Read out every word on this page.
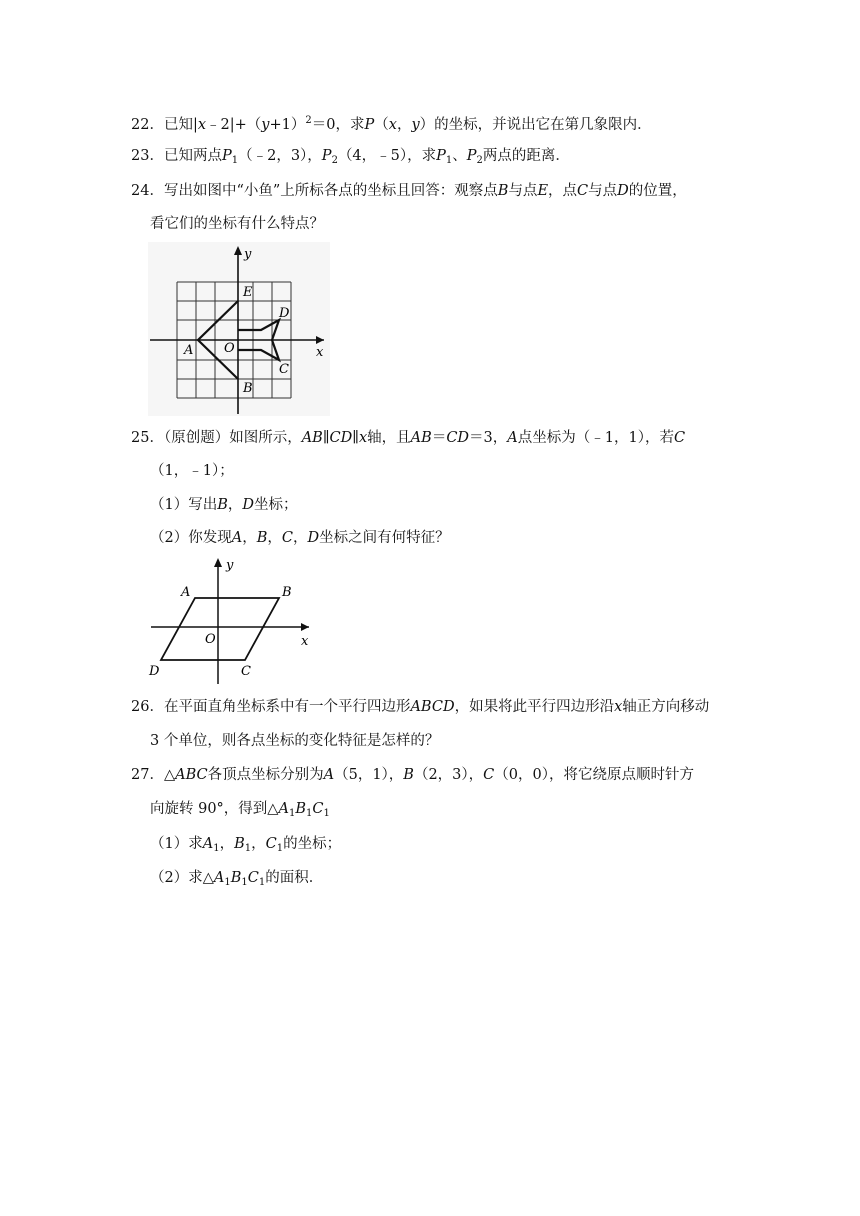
22．已知$|x﹣2|+(y+1)^2=0$，求P（x，y）的坐标，并说出它在第几象限内．
23．已知两点$P_1(﹣2$，3），$P_2(4$，﹣5），求$P_1$、$P_2$两点的距离．
24．写出如图中“小鱼”上所标各点的坐标且回答：观察点B与点E，点C与点D的位置，
看它们的坐标有什么特点？
y
x
E
D
A O
C
B
25．（原创题）如图所示，AB∥CD∥x轴，且AB＝CD＝3，A点坐标为（﹣1，1），若C
（1，﹣1）；
（1）写出B，D坐标；
（2）你发现A，B，C，D坐标之间有何特征？
y
x
A	B
O
D	C
26．在平面直角坐标系中有一个平行四边形ABCD，如果将此平行四边形沿x轴正方向移动
3 个单位，则各点坐标的变化特征是怎样的？
27．△ABC各顶点坐标分别为A（5，1），B（2，3），C（0，0），将它绕原点顺时针方
向旋转 90°，得到$\triangle A_1B_1C_1$
（1）求$A_1$，$B_1$，$C_1$的坐标；
（2）求$\triangle A_1B_1C_1$的面积．
